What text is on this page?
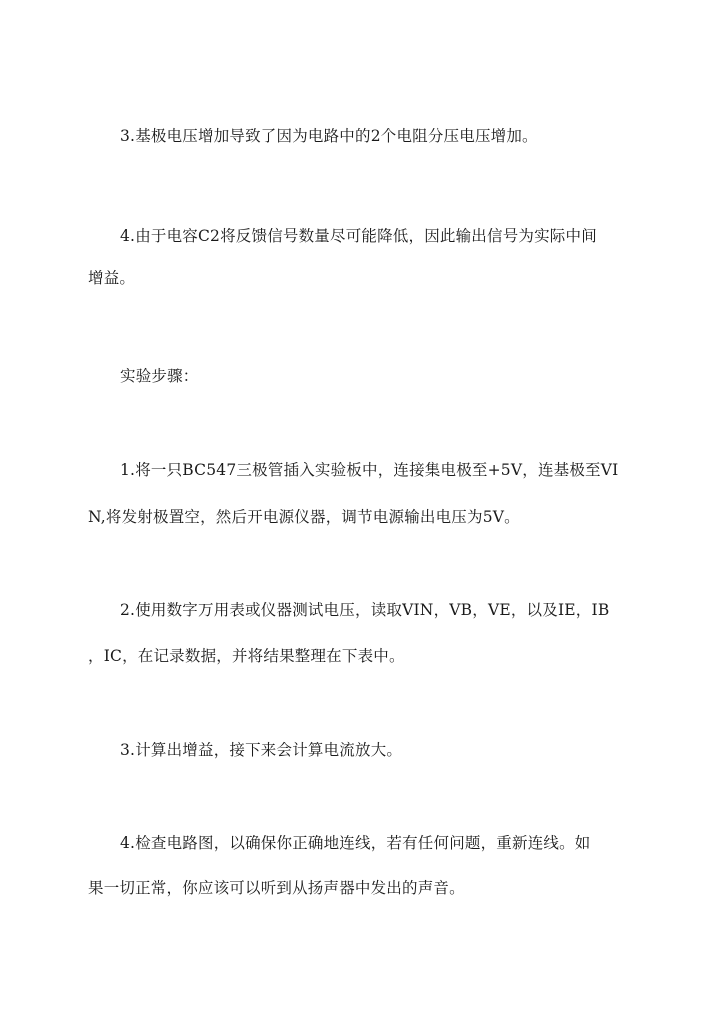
3.基极电压增加导致了因为电路中的2个电阻分压电压增加。
4.由于电容C2将反馈信号数量尽可能降低，因此输出信号为实际中间
增益。
实验步骤：
1.将一只BC547三极管插入实验板中，连接集电极至+5V，连基极至VI
N,将发射极置空，然后开电源仪器，调节电源输出电压为5V。
2.使用数字万用表或仪器测试电压，读取VIN，VB，VE，以及IE，IB
，IC，在记录数据，并将结果整理在下表中。
3.计算出增益，接下来会计算电流放大。
4.检查电路图，以确保你正确地连线，若有任何问题，重新连线。如
果一切正常，你应该可以听到从扬声器中发出的声音。
